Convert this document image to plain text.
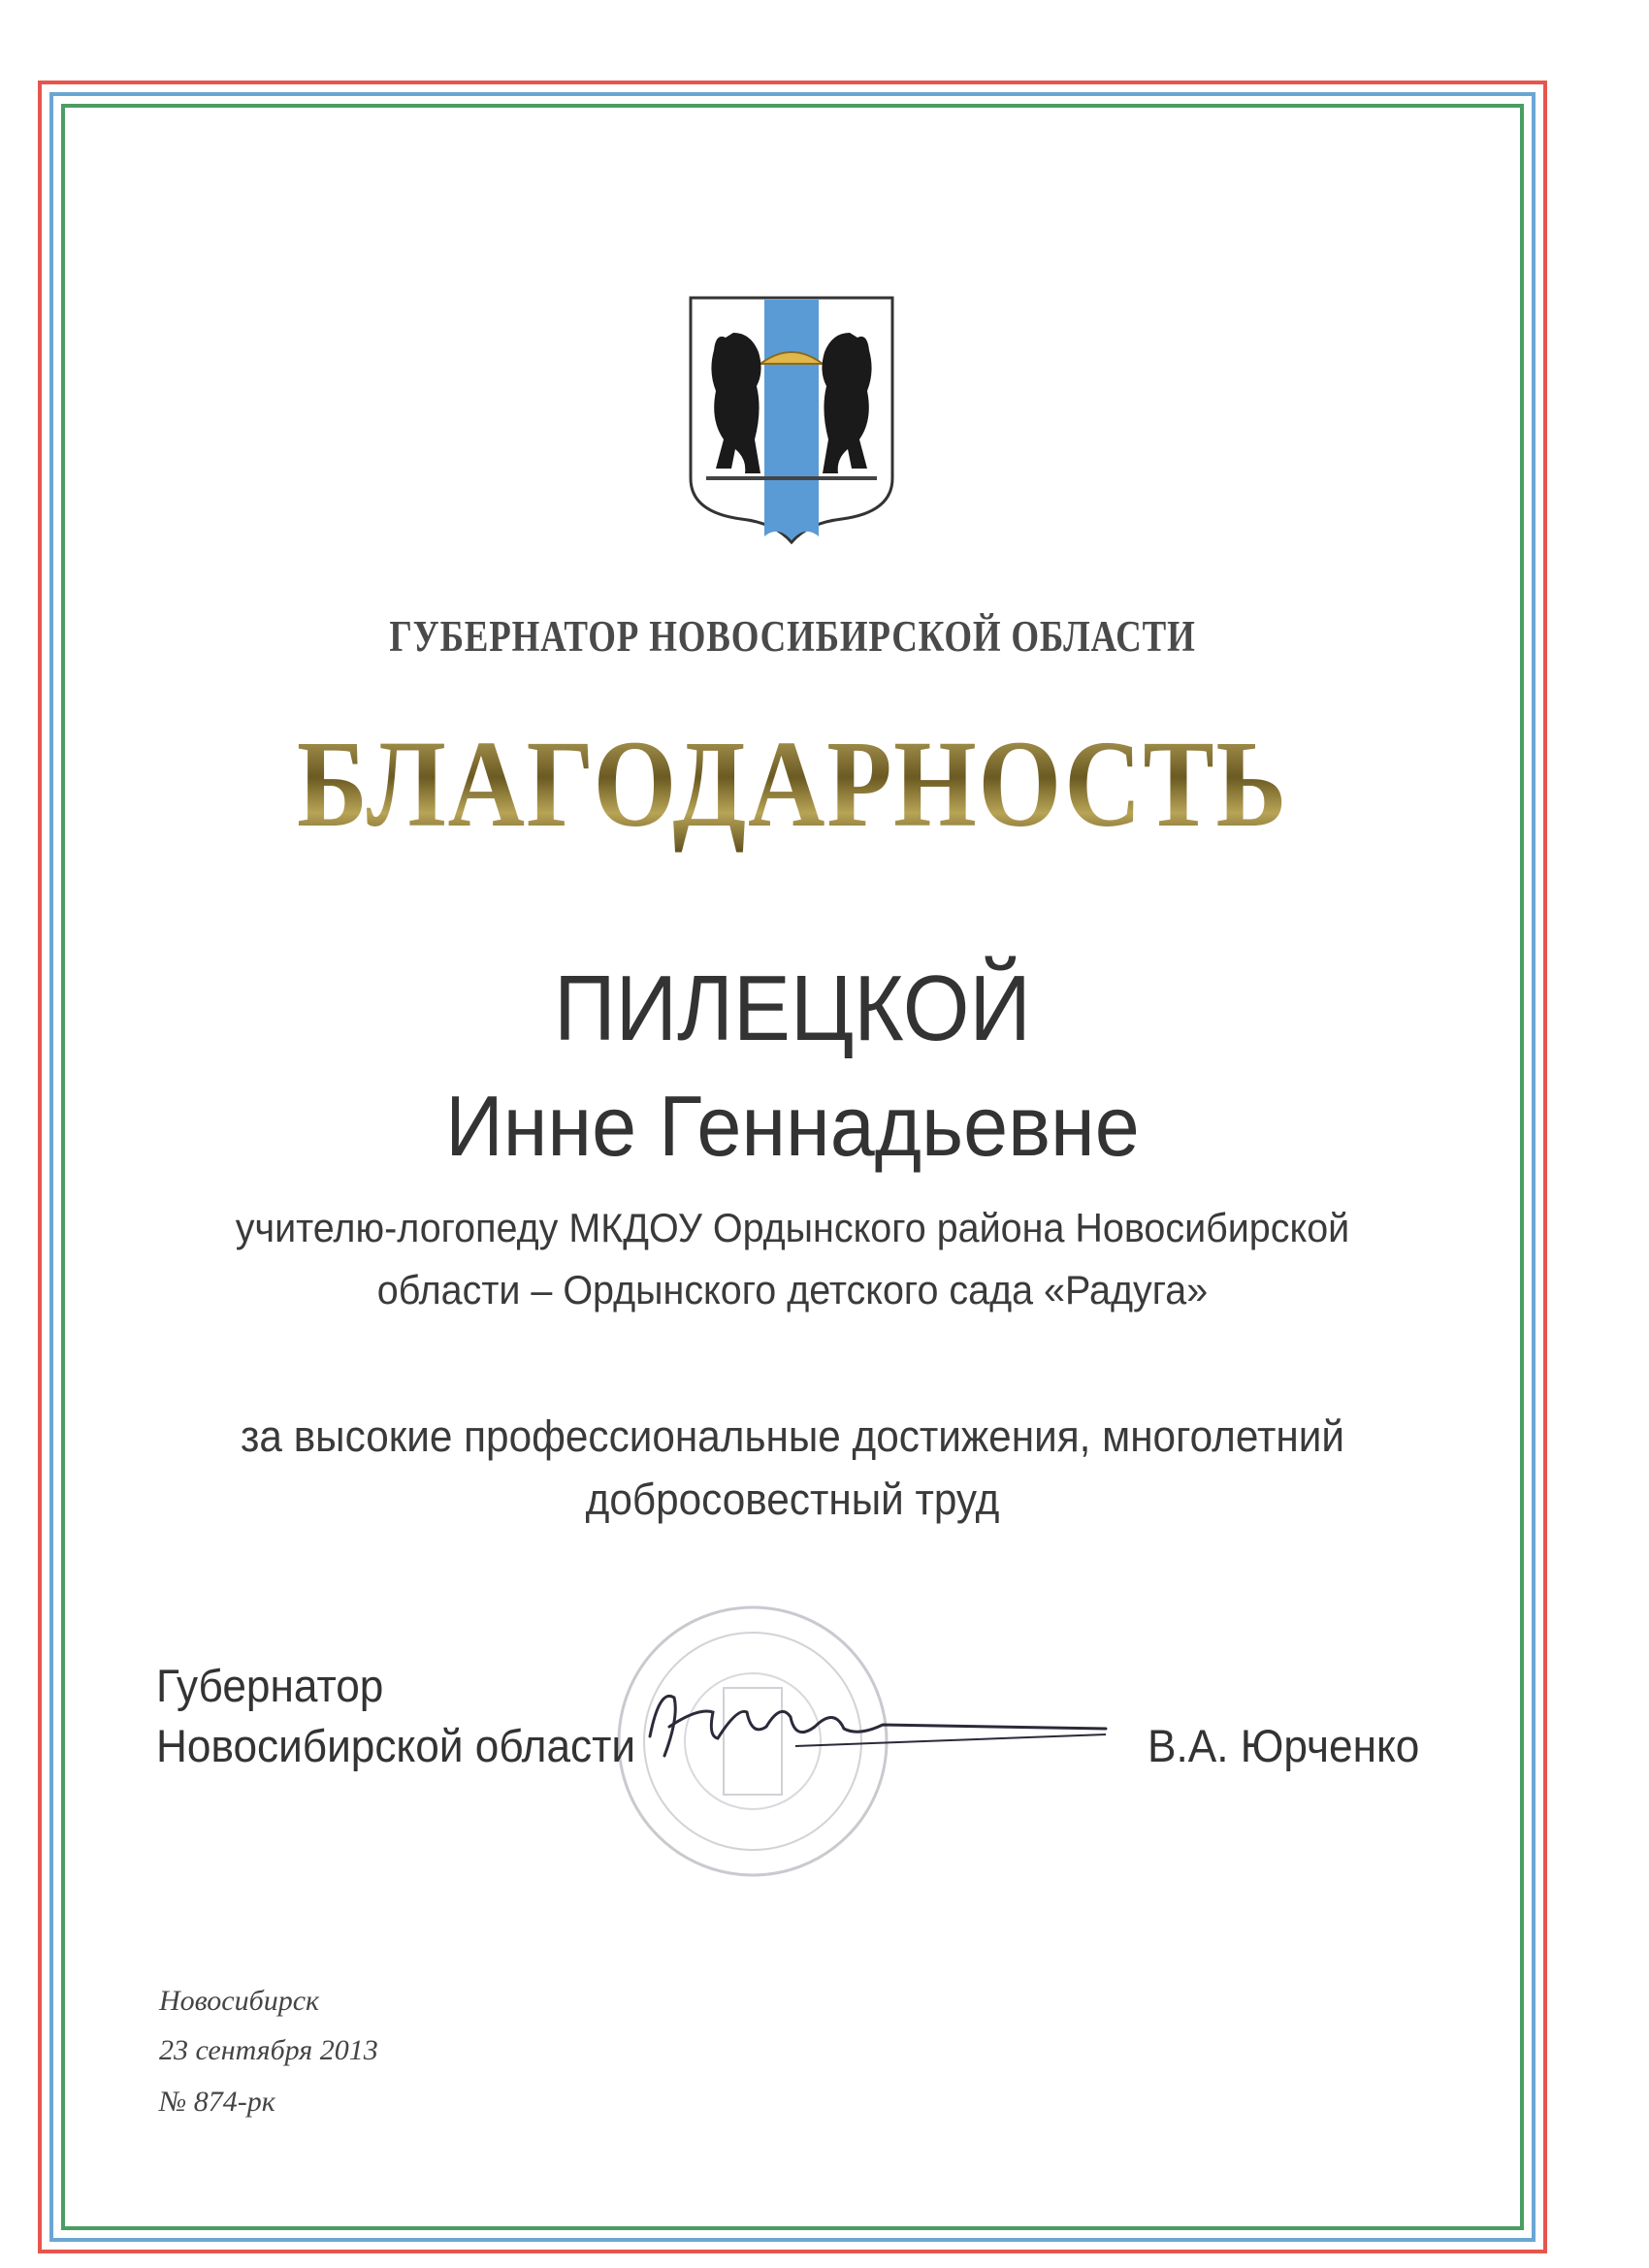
ГУБЕРНАТОР НОВОСИБИРСКОЙ ОБЛАСТИ
БЛАГОДАРНОСТЬ
ПИЛЕЦКОЙ
Инне Геннадьевне
учителю-логопеду МКДОУ Ордынского района Новосибирской
области – Ордынского детского сада «Радуга»
за высокие профессиональные достижения, многолетний
добросовестный труд
Губернатор
Новосибирской области	В.А. Юрченко
Новосибирск
23 сентября 2013
№ 874-рк
